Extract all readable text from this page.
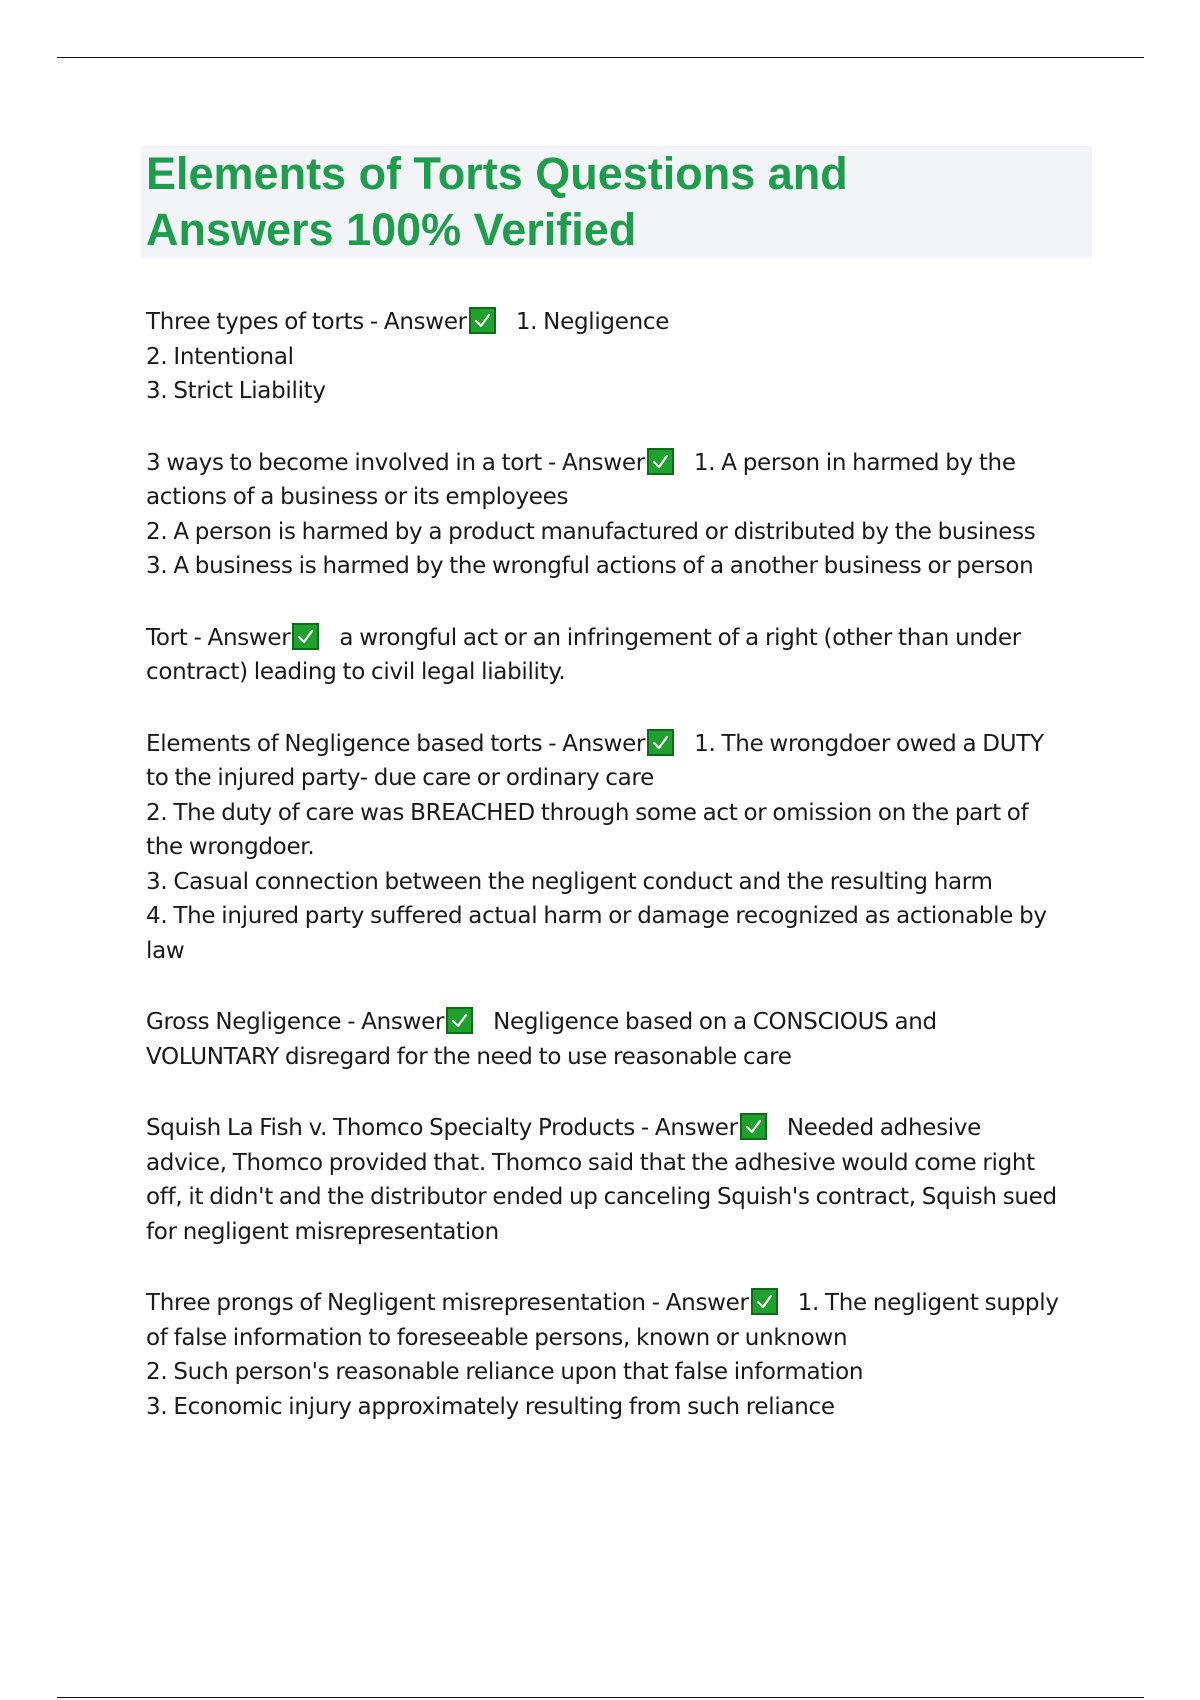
Elements of Torts Questions and
Answers 100% Verified
Three types of torts - Answer 1. Negligence
2. Intentional
3. Strict Liability
3 ways to become involved in a tort - Answer 1. A person in harmed by the
actions of a business or its employees
2. A person is harmed by a product manufactured or distributed by the business
3. A business is harmed by the wrongful actions of a another business or person
Tort - Answer a wrongful act or an infringement of a right (other than under
contract) leading to civil legal liability.
Elements of Negligence based torts - Answer 1. The wrongdoer owed a DUTY
to the injured party- due care or ordinary care
2. The duty of care was BREACHED through some act or omission on the part of
the wrongdoer.
3. Casual connection between the negligent conduct and the resulting harm
4. The injured party suffered actual harm or damage recognized as actionable by
law
Gross Negligence - Answer Negligence based on a CONSCIOUS and
VOLUNTARY disregard for the need to use reasonable care
Squish La Fish v. Thomco Specialty Products - Answer Needed adhesive
advice, Thomco provided that. Thomco said that the adhesive would come right
off, it didn't and the distributor ended up canceling Squish's contract, Squish sued
for negligent misrepresentation
Three prongs of Negligent misrepresentation - Answer 1. The negligent supply
of false information to foreseeable persons, known or unknown
2. Such person's reasonable reliance upon that false information
3. Economic injury approximately resulting from such reliance
